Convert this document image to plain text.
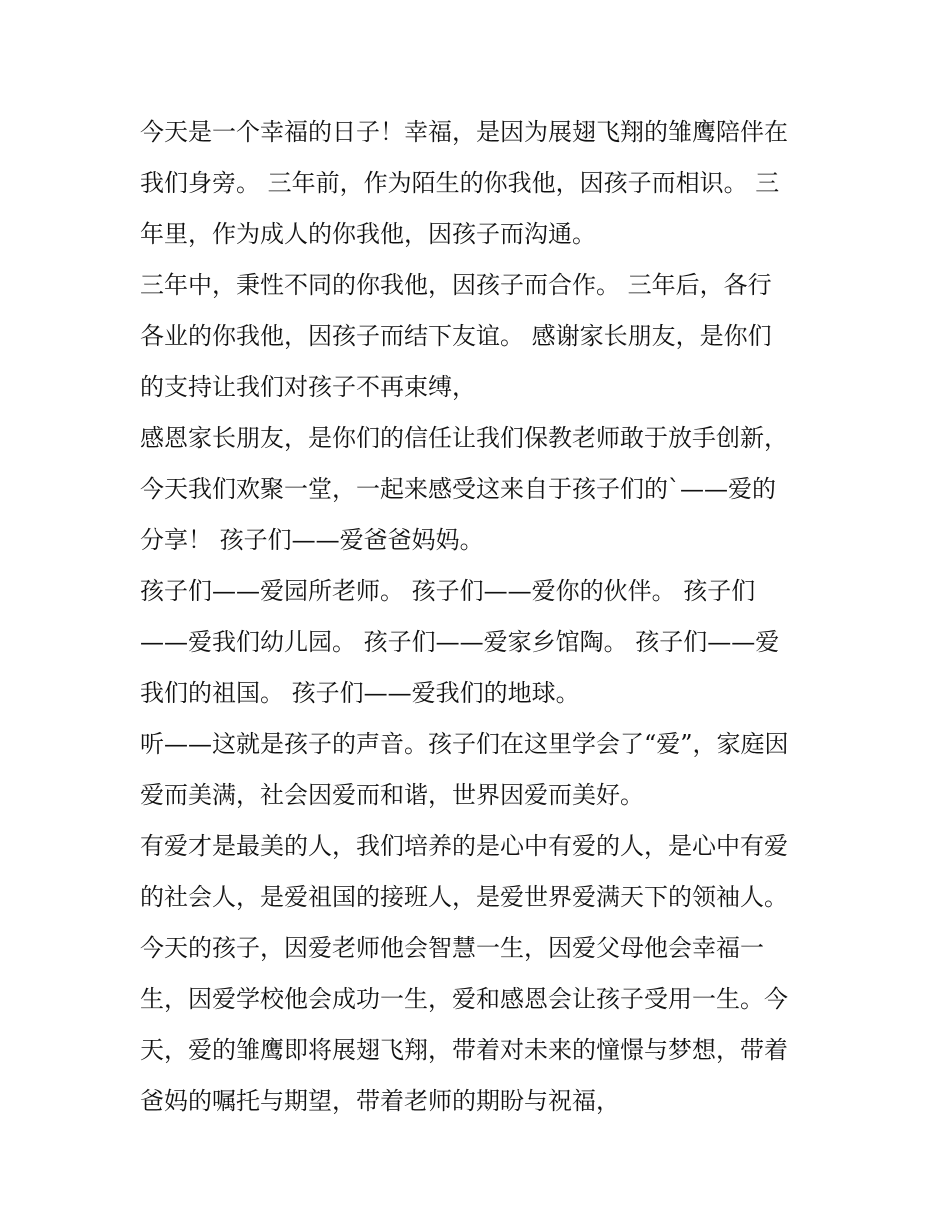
今天是一个幸福的日子！幸福，是因为展翅飞翔的雏鹰陪伴在
我们身旁。 三年前，作为陌生的你我他，因孩子而相识。 三
年里，作为成人的你我他，因孩子而沟通。
三年中，秉性不同的你我他，因孩子而合作。 三年后，各行
各业的你我他，因孩子而结下友谊。 感谢家长朋友，是你们
的支持让我们对孩子不再束缚，
感恩家长朋友，是你们的信任让我们保教老师敢于放手创新，
今天我们欢聚一堂，一起来感受这来自于孩子们的`——爱的
分享！ 孩子们——爱爸爸妈妈。
孩子们——爱园所老师。 孩子们——爱你的伙伴。 孩子们
——爱我们幼儿园。 孩子们——爱家乡馆陶。 孩子们——爱
我们的祖国。 孩子们——爱我们的地球。
听——这就是孩子的声音。孩子们在这里学会了“爱”，家庭因
爱而美满，社会因爱而和谐，世界因爱而美好。
有爱才是最美的人，我们培养的是心中有爱的人，是心中有爱
的社会人，是爱祖国的接班人，是爱世界爱满天下的领袖人。
今天的孩子，因爱老师他会智慧一生，因爱父母他会幸福一
生，因爱学校他会成功一生，爱和感恩会让孩子受用一生。今
天，爱的雏鹰即将展翅飞翔，带着对未来的憧憬与梦想，带着
爸妈的嘱托与期望，带着老师的期盼与祝福，
